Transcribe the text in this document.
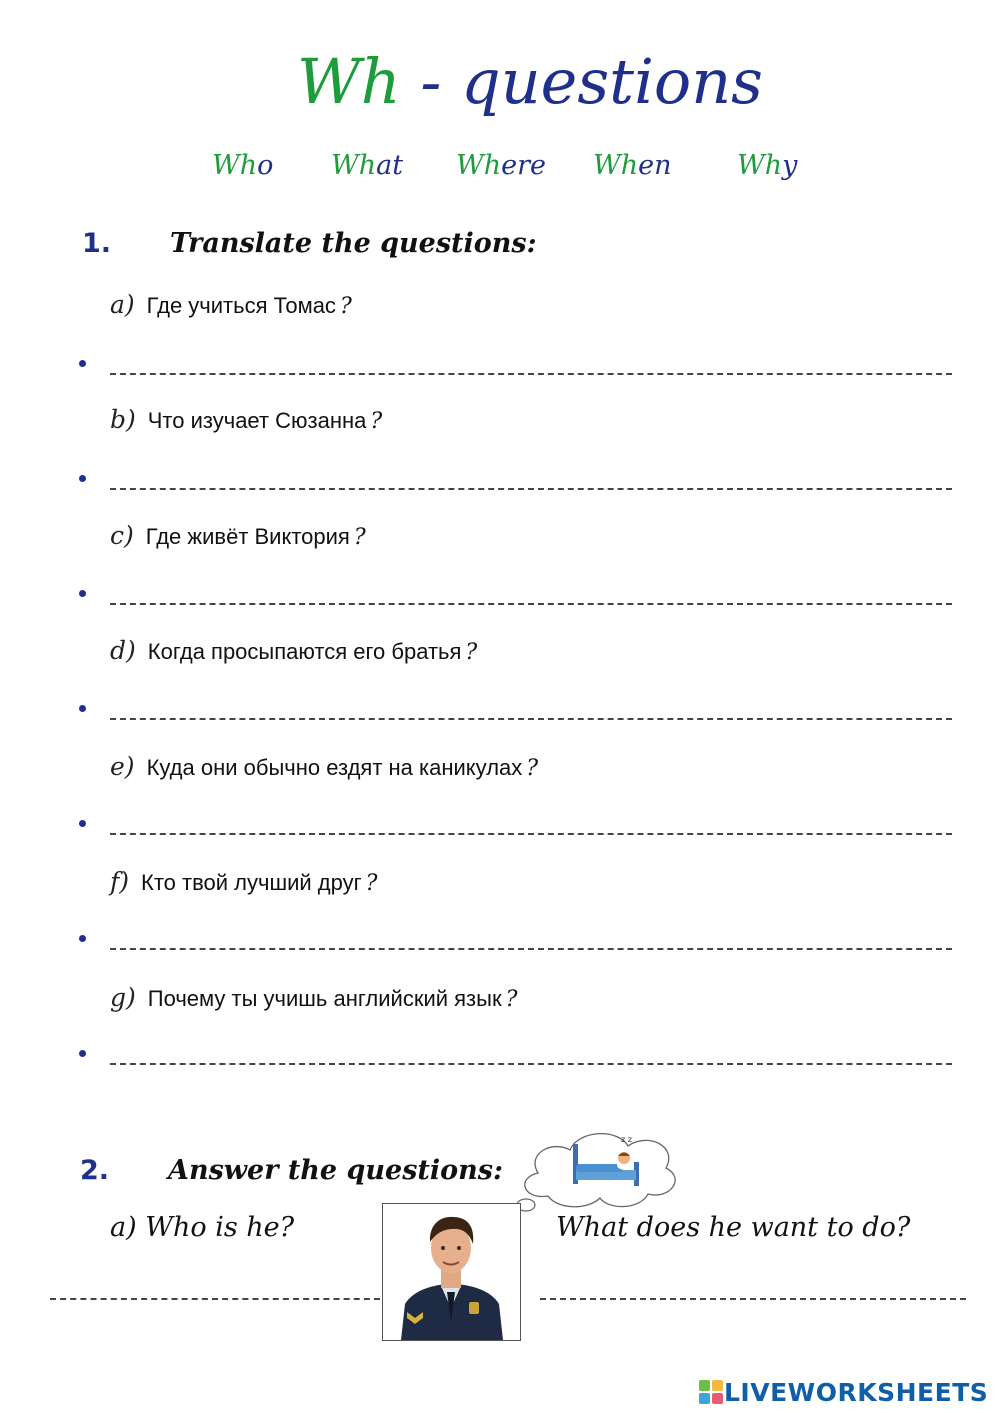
Wh - questions
Who What Where When Why
1. Translate the questions:
a) Где учиться Томас ?
b) Что изучает Сюзанна ?
c) Где живёт Виктория ?
d) Когда просыпаются его братья ?
e) Куда они обычно ездят на каникулах ?
f) Кто твой лучший друг ?
g) Почему ты учишь английский язык ?
2. Answer the questions:
z z
a) Who is he?	What does he want to do?
LIVEWORKSHEETS
